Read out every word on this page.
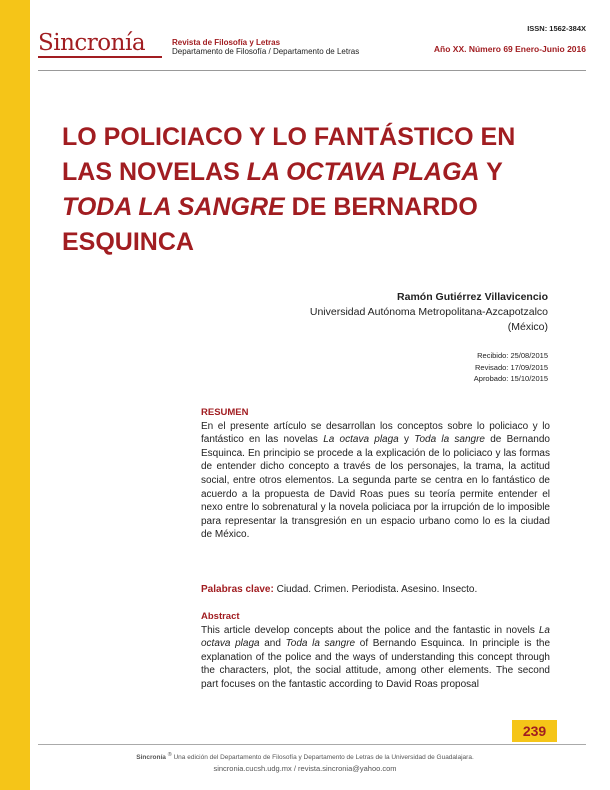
ISSN: 1562-384X
Sincronía	Revista de Filosofía y Letras
Departamento de Filosofía / Departamento de Letras	Año XX. Número 69 Enero-Junio 2016
LO POLICIACO Y LO FANTÁSTICO EN LAS NOVELAS LA OCTAVA PLAGA Y TODA LA SANGRE DE BERNARDO ESQUINCA
Ramón Gutiérrez Villavicencio
Universidad Autónoma Metropolitana-Azcapotzalco
(México)
Recibido: 25/08/2015
Revisado: 17/09/2015
Aprobado: 15/10/2015
RESUMEN

En el presente artículo se desarrollan los conceptos sobre lo policiaco y lo fantástico en las novelas La octava plaga y Toda la sangre de Bernando Esquinca. En principio se procede a la explicación de lo policiaco y las formas de entender dicho concepto a través de los personajes, la trama, la actitud social, entre otros elementos. La segunda parte se centra en lo fantástico de acuerdo a la propuesta de David Roas pues su teoría permite entender el nexo entre lo sobrenatural y la novela policiaca por la irrupción de lo imposible para representar la transgresión en un espacio urbano como lo es la ciudad de México.

Palabras clave: Ciudad. Crimen. Periodista. Asesino. Insecto.
Abstract

This article develop concepts about the police and the fantastic in novels La octava plaga and Toda la sangre of Bernando Esquinca. In principle is the explanation of the police and the ways of understanding this concept through the characters, plot, the social attitude, among other elements. The second part focuses on the fantastic according to David Roas proposal

239
Sincronía ® Una edición del Departamento de Filosofía y Departamento de Letras de la Universidad de Guadalajara.
sincronia.cucsh.udg.mx / revista.sincronia@yahoo.com
